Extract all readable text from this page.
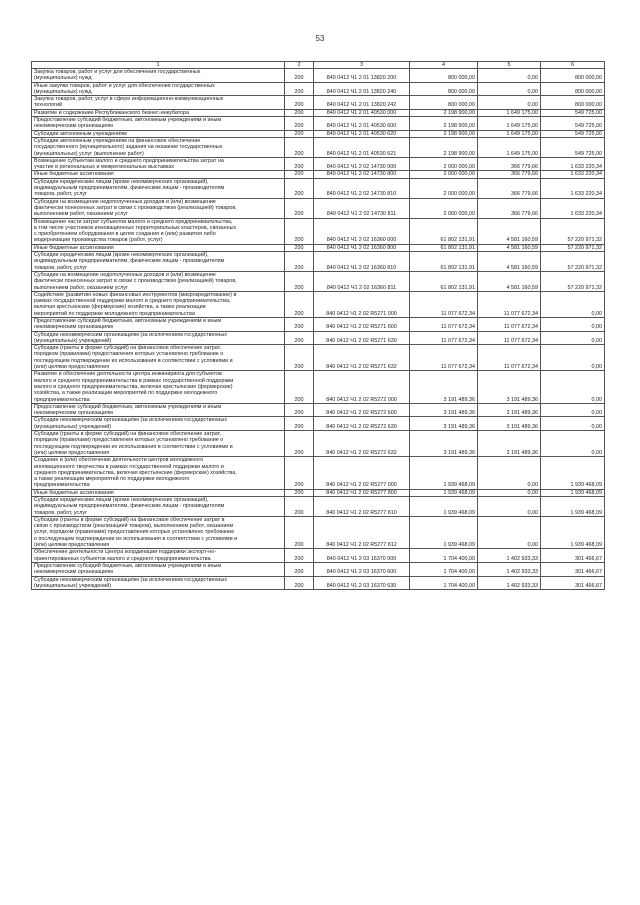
53
1	2	3	4	5	6
Закупка товаров, работ и услуг для обеспечения государственных
(муниципальных) нужд	200	840 0412 Ч1 2 01 13820 200	800 000,00	0,00	800 000,00
Иные закупки товаров, работ и услуг для обеспечения государственных
(муниципальных) нужд	200	840 0412 Ч1 2 01 13820 240	800 000,00	0,00	800 000,00
Закупка товаров, работ, услуг в сфере информационно-коммуникационных
технологий	200	840 0412 Ч1 2 01 13820 242	800 000,00	0,00	800 000,00
Развитие и содержание Республиканского бизнес-инкубатора	200	840 0412 Ч1 2 01 40530 000	2 198 900,00	1 649 175,00	549 725,00
Предоставление субсидий бюджетным, автономным учреждениям и иным
некоммерческим организациям	200	840 0412 Ч1 2 01 40530 600	2 198 900,00	1 649 175,00	549 725,00
Субсидии автономным учреждениям	200	840 0412 Ч1 2 01 40530 620	2 198 900,00	1 649 175,00	549 725,00
Субсидии автономным учреждениям на финансовое обеспечение
государственного (муниципального) задания на оказание государственных
(муниципальных) услуг (выполнение работ)	200	840 0412 Ч1 2 01 40530 621	2 198 900,00	1 649 175,00	549 725,00
Возмещение субъектам малого и среднего предпринимательства затрат на
участие в региональных и межрегиональных выставках	200	840 0412 Ч1 2 02 14730 000	2 000 000,00	366 779,66	1 633 220,34
Иные бюджетные ассигнования	200	840 0412 Ч1 2 02 14730 800	2 000 000,00	366 779,66	1 633 220,34
Субсидии юридическим лицам (кроме некоммерческих организаций),
индивидуальным предпринимателям, физическим лицам - производителям
товаров, работ, услуг	200	840 0412 Ч1 2 02 14730 810	2 000 000,00	366 779,66	1 633 220,34
Субсидии на возмещение недополученных доходов и (или) возмещение
фактически понесенных затрат в связи с производством (реализацией) товаров,
выполнением работ, оказанием услуг	200	840 0412 Ч1 2 02 14730 811	2 000 000,00	366 779,66	1 633 220,34
Возмещение части затрат субъектов малого и среднего предпринимательства,
в том числе участников инновационных территориальных кластеров, связанных
с приобретением оборудования в целях создания и (или) развития либо
модернизации производства товаров (работ, услуг)	200	840 0412 Ч1 2 02 16360 000	61 802 131,91	4 581 160,59	57 220 971,32
Иные бюджетные ассигнования	200	840 0412 Ч1 2 02 16360 800	61 802 131,91	4 581 160,59	57 220 971,32
Субсидии юридическим лицам (кроме некоммерческих организаций),
индивидуальным предпринимателям, физическим лицам - производителям
товаров, работ, услуг	200	840 0412 Ч1 2 02 16360 810	61 802 131,91	4 581 160,59	57 220 971,32
Субсидии на возмещение недополученных доходов и (или) возмещение
фактически понесенных затрат в связи с производством (реализацией) товаров,
выполнением работ, оказанием услуг	200	840 0412 Ч1 2 02 16360 811	61 802 131,91	4 581 160,59	57 220 971,32
Содействие (развитию новых финансовых инструментов (микрокредитование) в
рамках государственной поддержки малого и среднего предпринимательства,
включая крестьянские (фермерские) хозяйства, а также реализации
мероприятий по поддержке молодежного предпринимательства	200	840 0412 Ч1 2 02 R5271 000	11 077 672,34	11 077 672,34	0,00
Предоставление субсидий бюджетным, автономным учреждениям и иным
некоммерческим организациям	200	840 0412 Ч1 2 02 R5271 600	11 077 672,34	11 077 672,34	0,00
Субсидии некоммерческим организациям (за исключением государственных
(муниципальных) учреждений)	200	840 0412 Ч1 2 02 R5271 630	11 077 672,34	11 077 672,34	0,00
Субсидии (гранты в форме субсидий) на финансовое обеспечение затрат,
порядком (правилами) предоставления которых установлено требование о
последующем подтверждении их использования в соответствии с условиями и
(или) целями предоставления	200	840 0412 Ч1 2 02 R5271 632	11 077 672,34	11 077 672,34	0,00
Развитие и обеспечение деятельности центра инжиниринга для субъектов
малого и среднего предпринимательства в рамках государственной поддержки
малого и среднего предпринимательства, включая крестьянские (фермерские)
хозяйства, а также реализации мероприятий по поддержке молодежного
предпринимательства	200	840 0412 Ч1 2 02 R5272 000	3 191 489,36	3 191 489,36	0,00
Предоставление субсидий бюджетным, автономным учреждениям и иным
некоммерческим организациям	200	840 0412 Ч1 2 02 R5272 600	3 191 489,36	3 191 489,36	0,00
Субсидии некоммерческим организациям (за исключением государственных
(муниципальных) учреждений)	200	840 0412 Ч1 2 02 R5272 630	3 191 489,36	3 191 489,36	0,00
Субсидии (гранты в форме субсидий) на финансовое обеспечение затрат,
порядком (правилами) предоставления которых установлено требование о
последующем подтверждении их использования в соответствии с условиями и
(или) целями предоставления	200	840 0412 Ч1 2 02 R5272 632	3 191 489,36	3 191 489,36	0,00
Создание и (или) обеспечение деятельности центров молодежного
инновационного творчества в рамках государственной поддержки малого и
среднего предпринимательства, включая крестьянские (фермерские) хозяйства,
а также реализации мероприятий по поддержке молодежного
предпринимательства	200	840 0412 Ч1 2 02 R5277 000	1 939 468,09	0,00	1 939 468,09
Иные бюджетные ассигнования	200	840 0412 Ч1 2 02 R5277 800	1 939 468,09	0,00	1 939 468,09
Субсидии юридическим лицам (кроме некоммерческих организаций),
индивидуальным предпринимателям, физическим лицам - производителям
товаров, работ, услуг	200	840 0412 Ч1 2 02 R5277 810	1 939 468,09	0,00	1 939 468,09
Субсидии (гранты в форме субсидий) на финансовое обеспечение затрат в
связи с производством (реализацией товаров), выполнением работ, оказанием
услуг, порядком (правилами) предоставления которых установлено требование
о последующем подтверждении их использования в соответствии с условиями и
(или) целями предоставления	200	840 0412 Ч1 2 02 R5277 812	1 939 468,09	0,00	1 939 468,09
Обеспечение деятельности Центра координации поддержки экспорт-но-
ориентированных субъектов малого и среднего предпринимательства	200	840 0412 Ч1 2 03 16370 000	1 704 400,00	1 402 933,33	301 466,67
Предоставление субсидий бюджетным, автономным учреждениям и иным
некоммерческим организациям	200	840 0412 Ч1 2 03 16370 600	1 704 400,00	1 402 933,33	301 466,67
Субсидии некоммерческим организациям (за исключением государственных
(муниципальных) учреждений)	200	840 0412 Ч1 2 03 16370 630	1 704 400,00	1 402 933,33	301 466,67
